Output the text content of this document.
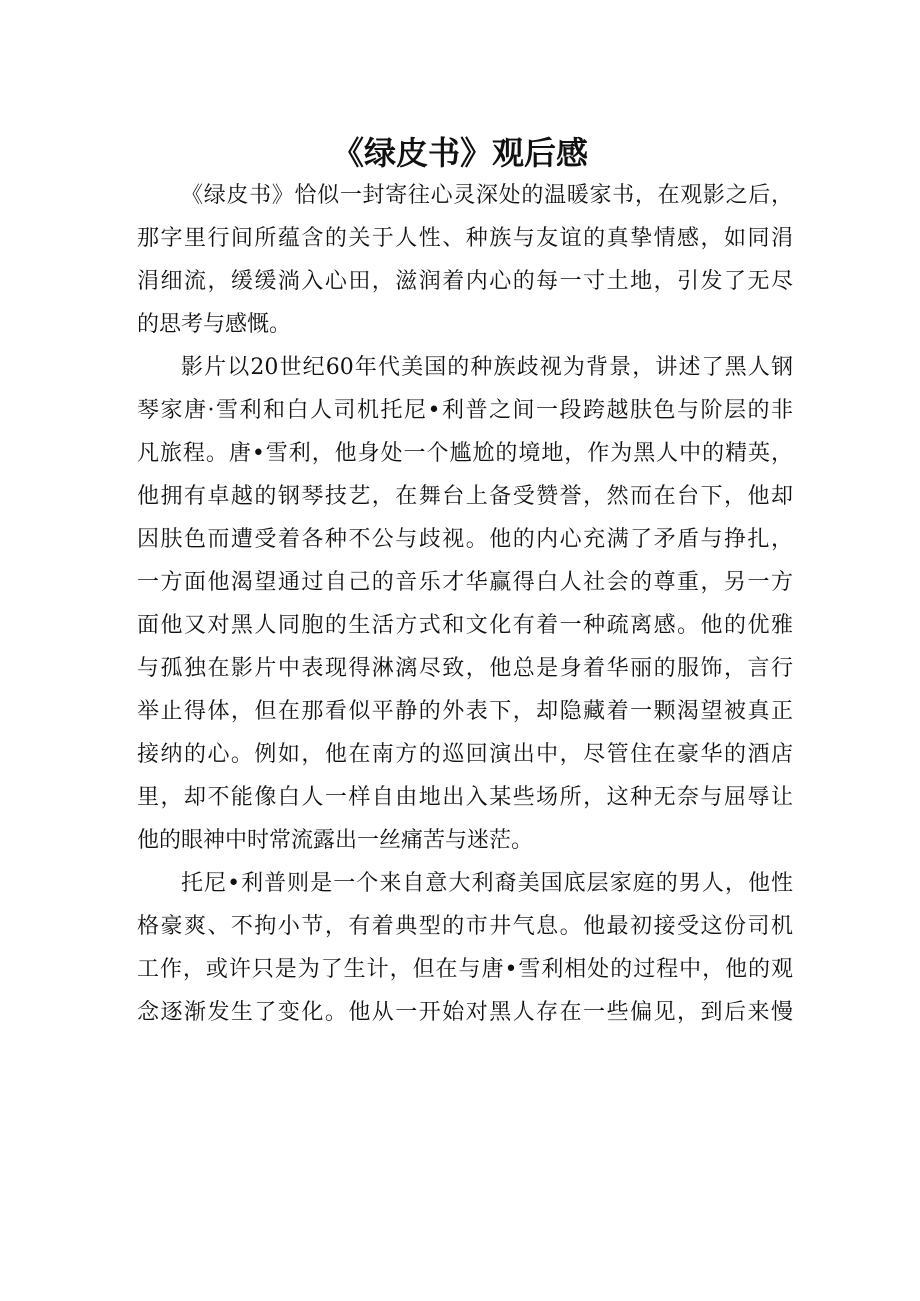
《绿皮书》观后感
《绿皮书》恰似一封寄往心灵深处的温暖家书，在观影之后，
那字里行间所蕴含的关于人性、种族与友谊的真挚情感，如同涓
涓细流，缓缓淌入心田，滋润着内心的每一寸土地，引发了无尽
的思考与感慨。
影片以20世纪60年代美国的种族歧视为背景，讲述了黑人钢
琴家唐·雪利和白人司机托尼•利普之间一段跨越肤色与阶层的非
凡旅程。唐•雪利，他身处一个尴尬的境地，作为黑人中的精英，
他拥有卓越的钢琴技艺，在舞台上备受赞誉，然而在台下，他却
因肤色而遭受着各种不公与歧视。他的内心充满了矛盾与挣扎，
一方面他渴望通过自己的音乐才华赢得白人社会的尊重，另一方
面他又对黑人同胞的生活方式和文化有着一种疏离感。他的优雅
与孤独在影片中表现得淋漓尽致，他总是身着华丽的服饰，言行
举止得体，但在那看似平静的外表下，却隐藏着一颗渴望被真正
接纳的心。例如，他在南方的巡回演出中，尽管住在豪华的酒店
里，却不能像白人一样自由地出入某些场所，这种无奈与屈辱让
他的眼神中时常流露出一丝痛苦与迷茫。
托尼•利普则是一个来自意大利裔美国底层家庭的男人，他性
格豪爽、不拘小节，有着典型的市井气息。他最初接受这份司机
工作，或许只是为了生计，但在与唐•雪利相处的过程中，他的观
念逐渐发生了变化。他从一开始对黑人存在一些偏见，到后来慢
